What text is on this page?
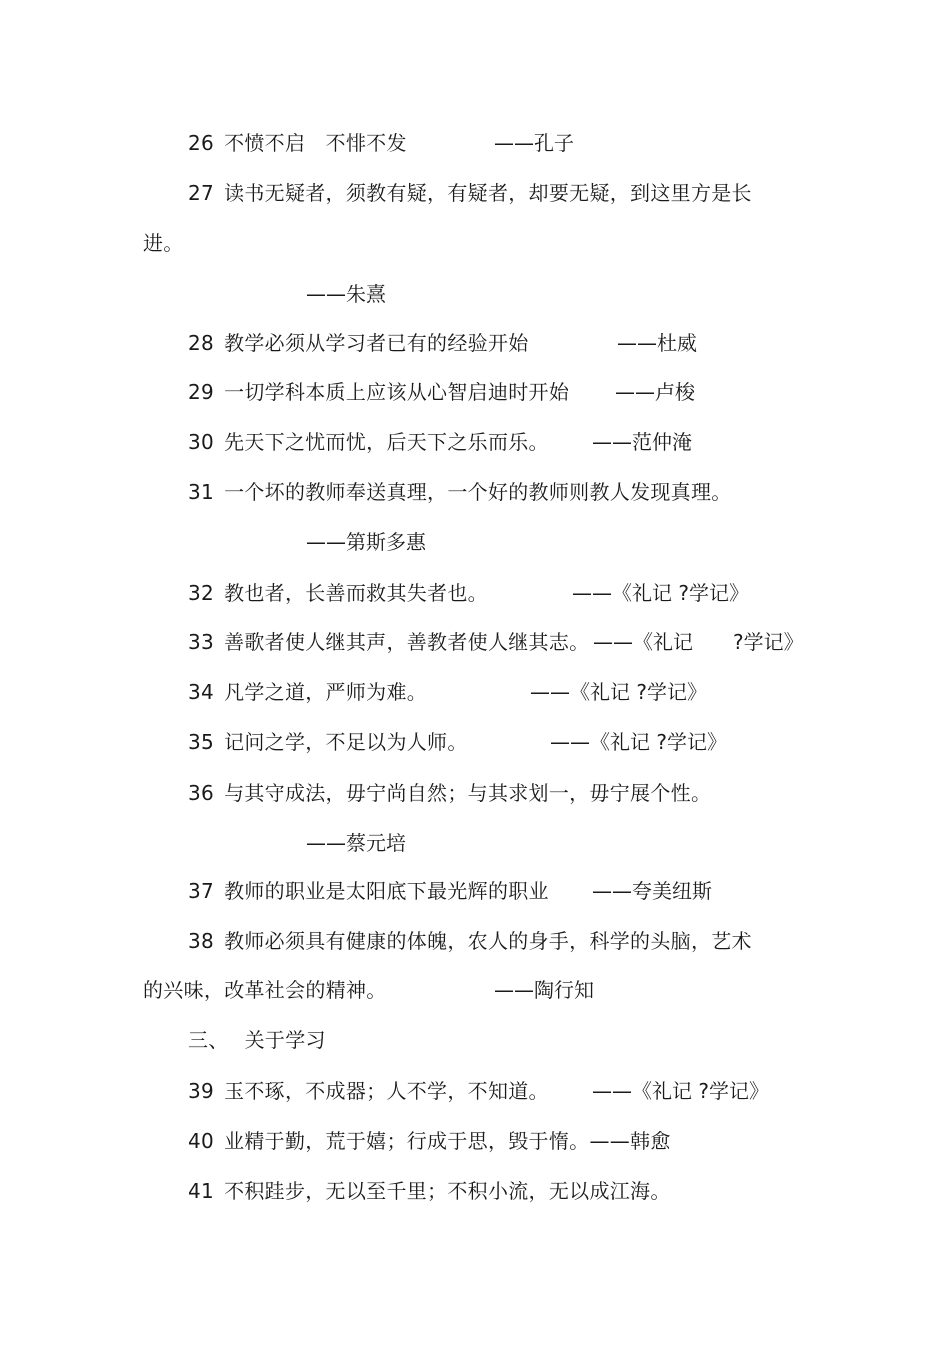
26 不愤不启　不悱不发	——孔子
27 读书无疑者，须教有疑，有疑者，却要无疑，到这里方是长
进。
——朱熹
28 教学必须从学习者已有的经验开始	——杜威
29 一切学科本质上应该从心智启迪时开始 ——卢梭
30 先天下之忧而忧，后天下之乐而乐。 ——范仲淹
31 一个坏的教师奉送真理，一个好的教师则教人发现真理。
——第斯多惠
32 教也者，长善而救其失者也。	——《礼记 ?学记》
33 善歌者使人继其声，善教者使人继其志。 ——《礼记　　?学记》
34 凡学之道，严师为难。	——《礼记 ?学记》
35 记问之学，不足以为人师。	——《礼记 ?学记》
36 与其守成法，毋宁尚自然；与其求划一，毋宁展个性。
——蔡元培
37 教师的职业是太阳底下最光辉的职业 ——夸美纽斯
38 教师必须具有健康的体魄，农人的身手，科学的头脑，艺术
的兴味，改革社会的精神。	——陶行知
三、 关于学习
39 玉不琢，不成器；人不学，不知道。 ——《礼记 ?学记》
40 业精于勤，荒于嬉；行成于思，毁于惰。——韩愈
41 不积跬步，无以至千里；不积小流，无以成江海。
